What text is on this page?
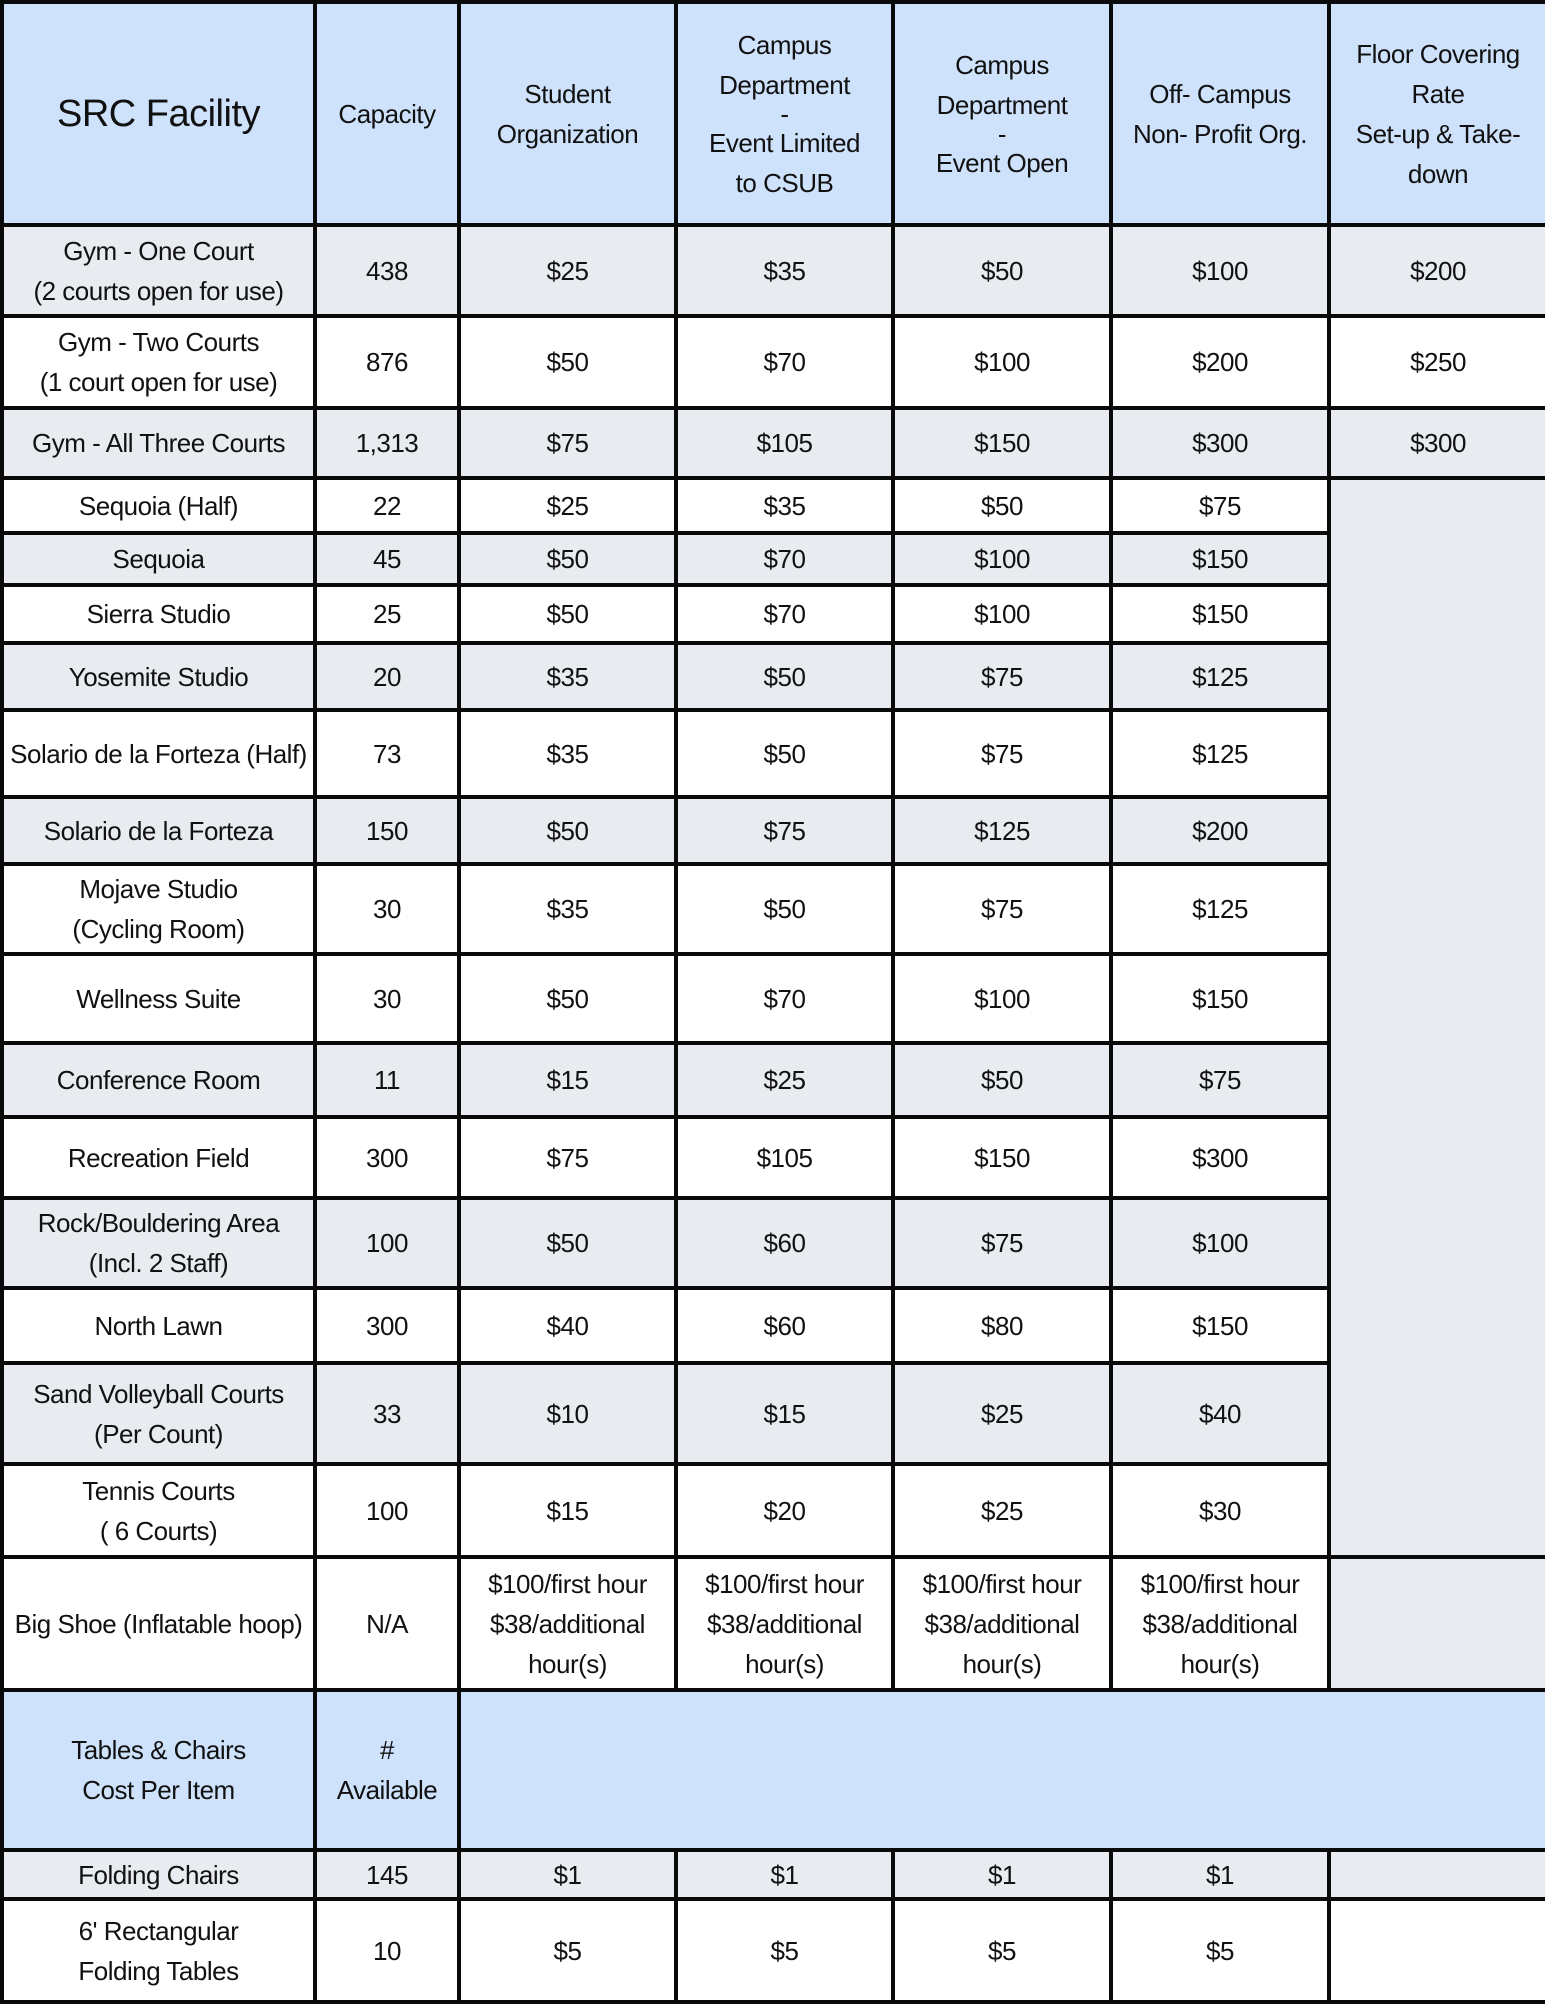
SRC Facility	Capacity	Student
Organization	Campus
Department
-
Event Limited
to CSUB	Campus
Department
-
Event Open	Off- Campus
Non- Profit Org.	Floor Covering
Rate
Set-up & Take-
down

Gym - One Court
(2 courts open for use)	438	$25	$35	$50	$100	$200

Gym - Two Courts
(1 court open for use)	876	$50	$70	$100	$200	$250
Gym - All Three Courts	1,313	$75	$105	$150	$300	$300
Sequoia (Half)	22	$25	$35	$50	$75	
Sequoia	45	$50	$70	$100	$150	
Sierra Studio	25	$50	$70	$100	$150	
Yosemite Studio	20	$35	$50	$75	$125	
Solario de la Forteza (Half)	73	$35	$50	$75	$125	
Solario de la Forteza	150	$50	$75	$125	$200	

Mojave Studio
(Cycling Room)	30	$35	$50	$75	$125	
Wellness Suite	30	$50	$70	$100	$150	
Conference Room	11	$15	$25	$50	$75	
Recreation Field	300	$75	$105	$150	$300	

Rock/Bouldering Area
(Incl. 2 Staff)	100	$50	$60	$75	$100	
North Lawn	300	$40	$60	$80	$150	

Sand Volleyball Courts
(Per Count)	33	$10	$15	$25	$40	

Tennis Courts
( 6 Courts)	100	$15	$20	$25	$30	
Big Shoe (Inflatable hoop)	N/A	$100/first hour
$38/additional
hour(s)	$100/first hour
$38/additional
hour(s)	$100/first hour
$38/additional
hour(s)	$100/first hour
$38/additional
hour(s)	

Tables & Chairs
Cost Per Item	#
Available					

Folding Chairs	145	$1	$1	$1	$1	

6' Rectangular
Folding Tables	10	$5	$5	$5	$5	
